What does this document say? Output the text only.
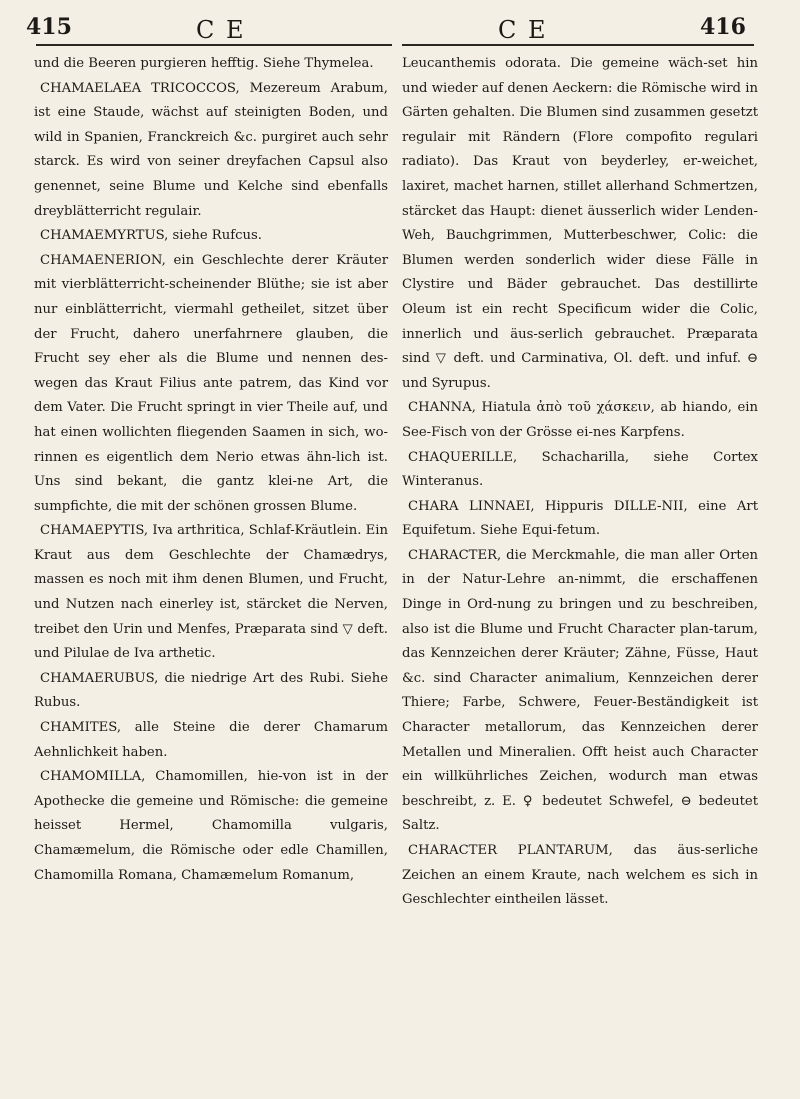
415	C E	C E	416

und die Beeren purgieren hefftig. Siehe Thymelea.

CHAMAELAEA TRICOCCOS, Mezereum Arabum, ist eine Staude, wächst auf steinigten Boden, und wild in Spanien, Franckreich &c. purgiret auch sehr starck. Es wird von seiner dreyfachen Capsul also genennet, seine Blume und Kelche sind ebenfalls dreyblätterricht regulair.

CHAMAEMYRTUS, siehe Rufcus.

CHAMAENERION, ein Geschlechte derer Kräuter mit vierblätterricht-scheinender Blüthe; sie ist aber nur einblätterricht, viermahl getheilet, sitzet über der Frucht, dahero unerfahrnere glauben, die Frucht sey eher als die Blume und nennen des-wegen das Kraut Filius ante patrem, das Kind vor dem Vater. Die Frucht springt in vier Theile auf, und hat einen wollichten fliegenden Saamen in sich, wo-rinnen es eigentlich dem Nerio etwas ähn-lich ist. Uns sind bekant, die gantz klei-ne Art, die sumpfichte, die mit der schönen grossen Blume.

CHAMAEPYTIS, Iva arthritica, Schlaf-Kräutlein. Ein Kraut aus dem Geschlechte der Chamædrys, massen es noch mit ihm denen Blumen, und Frucht, und Nutzen nach einerley ist, stärcket die Nerven, treibet den Urin und Menfes, Præparata sind ▽ deft. und Pilulae de Iva arthetic.

CHAMAERUBUS, die niedrige Art des Rubi. Siehe Rubus.

CHAMITES, alle Steine die derer Chamarum Aehnlichkeit haben.

CHAMOMILLA, Chamomillen, hie-von ist in der Apothecke die gemeine und Römische: die gemeine heisset Hermel, Chamomilla vulgaris, Chamæmelum, die Römische oder edle Chamillen, Chamomilla Romana, Chamæmelum Romanum,

Leucanthemis odorata. Die gemeine wäch-set hin und wieder auf denen Aeckern: die Römische wird in Gärten gehalten. Die Blumen sind zusammen gesetzt regulair mit Rändern (Flore compofito regulari radiato). Das Kraut von beyderley, er-weichet, laxiret, machet harnen, stillet allerhand Schmertzen, stärcket das Haupt: dienet äusserlich wider Lenden-Weh, Bauchgrimmen, Mutterbeschwer, Colic: die Blumen werden sonderlich wider diese Fälle in Clystire und Bäder gebrauchet. Das destillirte Oleum ist ein recht Specificum wider die Colic, innerlich und äus-serlich gebrauchet. Præparata sind ▽ deft. und Carminativa, Ol. deft. und infuf. ⊖ und Syrupus.

CHANNA, Hiatula ἀπὸ τοῦ χάσκειν, ab hiando, ein See-Fisch von der Grösse ei-nes Karpfens.

CHAQUERILLE, Schacharilla, siehe Cortex Winteranus.

CHARA LINNAEI, Hippuris DILLE-NII, eine Art Equifetum. Siehe Equi-fetum.

CHARACTER, die Merckmahle, die man aller Orten in der Natur-Lehre an-nimmt, die erschaffenen Dinge in Ord-nung zu bringen und zu beschreiben, also ist die Blume und Frucht Character plan-tarum, das Kennzeichen derer Kräuter; Zähne, Füsse, Haut &c. sind Character animalium, Kennzeichen derer Thiere; Farbe, Schwere, Feuer-Beständigkeit ist Character metallorum, das Kennzeichen derer Metallen und Mineralien. Offt heist auch Character ein willkührliches Zeichen, wodurch man etwas beschreibt, z. E. ♀ bedeutet Schwefel, ⊖ bedeutet Saltz.

CHARACTER PLANTARUM, das äus-serliche Zeichen an einem Kraute, nach welchem es sich in Geschlechter eintheilen lässet.
